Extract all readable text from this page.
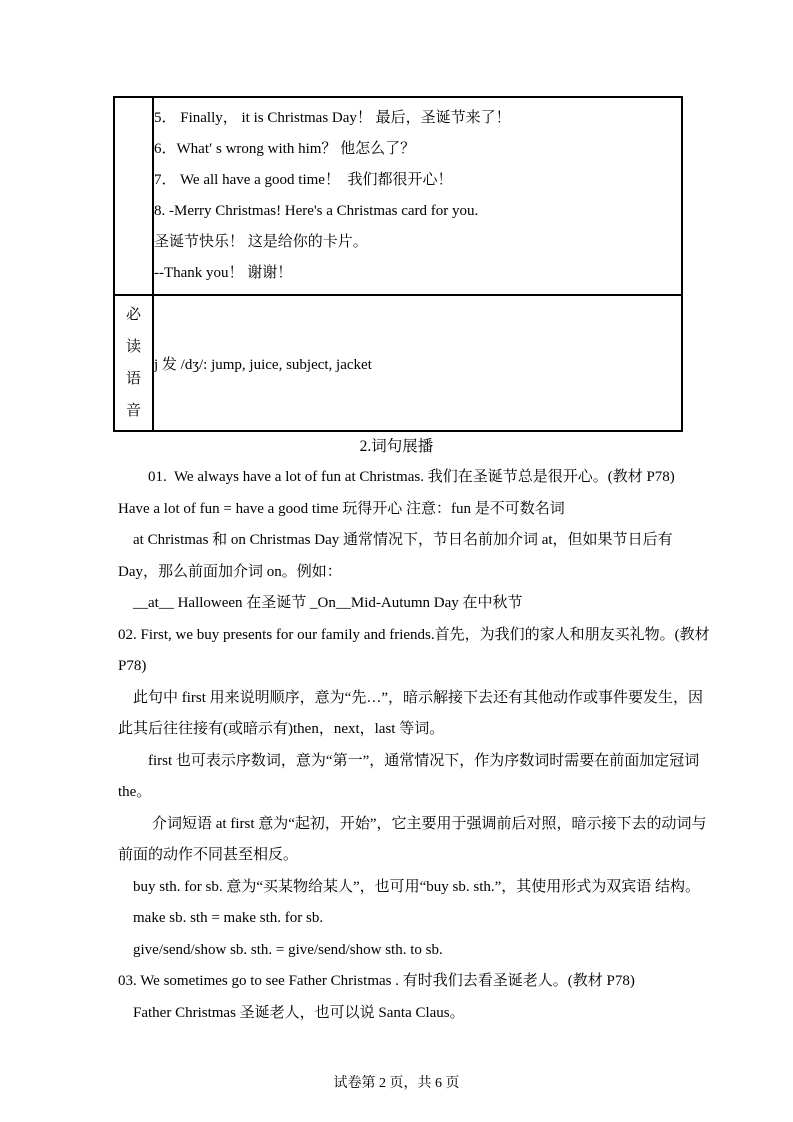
5． Finally， it is Christmas Day！ 最后，圣诞节来了！

6．What′ s wrong with him？ 他怎么了？

7． We all have a good time！  我们都很开心！

8. -Merry Christmas! Here's a Christmas card for you.

圣诞节快乐！ 这是给你的卡片。

--Thank you！ 谢谢！

必
读
语
音	j 发 /dʒ/: jump, juice, subject, jacket

2.词句展播

01.  We always have a lot of fun at Christmas. 我们在圣诞节总是很开心。(教材 P78)

Have a lot of fun = have a good time 玩得开心 注意：fun 是不可数名词

at Christmas 和 on Christmas Day 通常情况下，节日名前加介词 at，但如果节日后有

Day，那么前面加介词 on。例如：

__at__ Halloween 在圣诞节 _On__Mid-Autumn Day 在中秋节

02. First, we buy presents for our family and friends.首先，为我们的家人和朋友买礼物。(教材

P78)

此句中 first 用来说明顺序，意为“先…”，暗示解接下去还有其他动作或事件要发生，因

此其后往往接有(或暗示有)then，next，last 等词。

first 也可表示序数词，意为“第一”，通常情况下，作为序数词时需要在前面加定冠词

the。

介词短语 at first 意为“起初，开始”，它主要用于强调前后对照，暗示接下去的动词与

前面的动作不同甚至相反。

buy sth. for sb. 意为“买某物给某人”，也可用“buy sb. sth.”，其使用形式为双宾语 结构。

make sb. sth = make sth. for sb.

give/send/show sb. sth. = give/send/show sth. to sb.

03. We sometimes go to see Father Christmas . 有时我们去看圣诞老人。(教材 P78)

Father Christmas 圣诞老人，也可以说 Santa Claus。

试卷第 2 页，共 6 页
